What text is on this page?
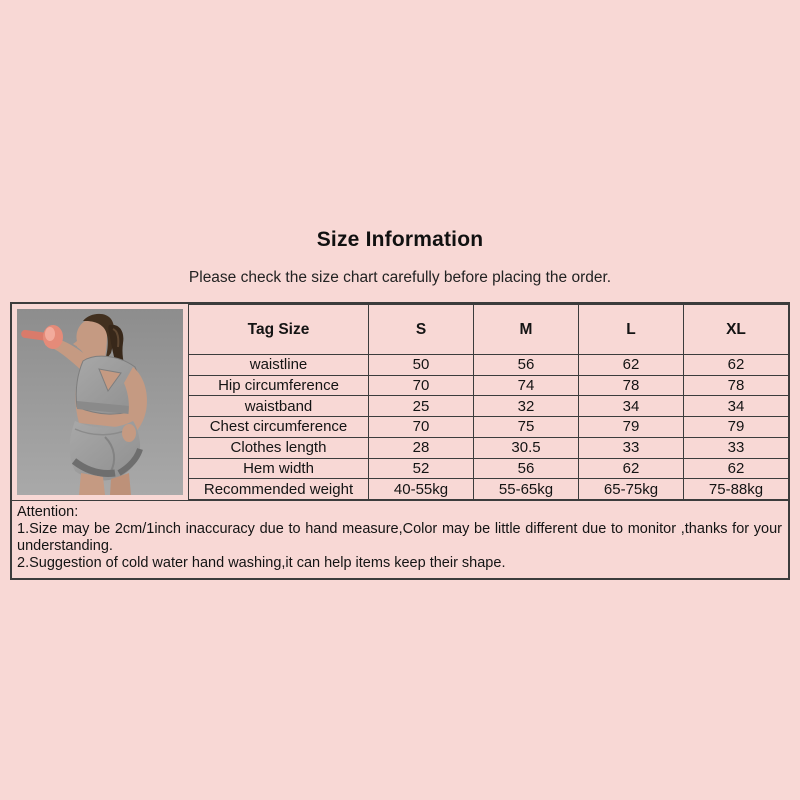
Size Information
Please check the size chart carefully before placing the order.
Tag Size	S	M	L	XL
waistline	50	56	62	62
Hip circumference	70	74	78	78
waistband	25	32	34	34
Chest circumference	70	75	79	79
Clothes length	28	30.5	33	33
Hem width	52	56	62	62
Recommended weight	40-55kg	55-65kg	65-75kg	75-88kg

Attention:

1.Size may be 2cm/1inch inaccuracy due to hand measure,Color may be little different due to monitor ,thanks for your understanding.

2.Suggestion of cold water hand washing,it can help items keep their shape.
